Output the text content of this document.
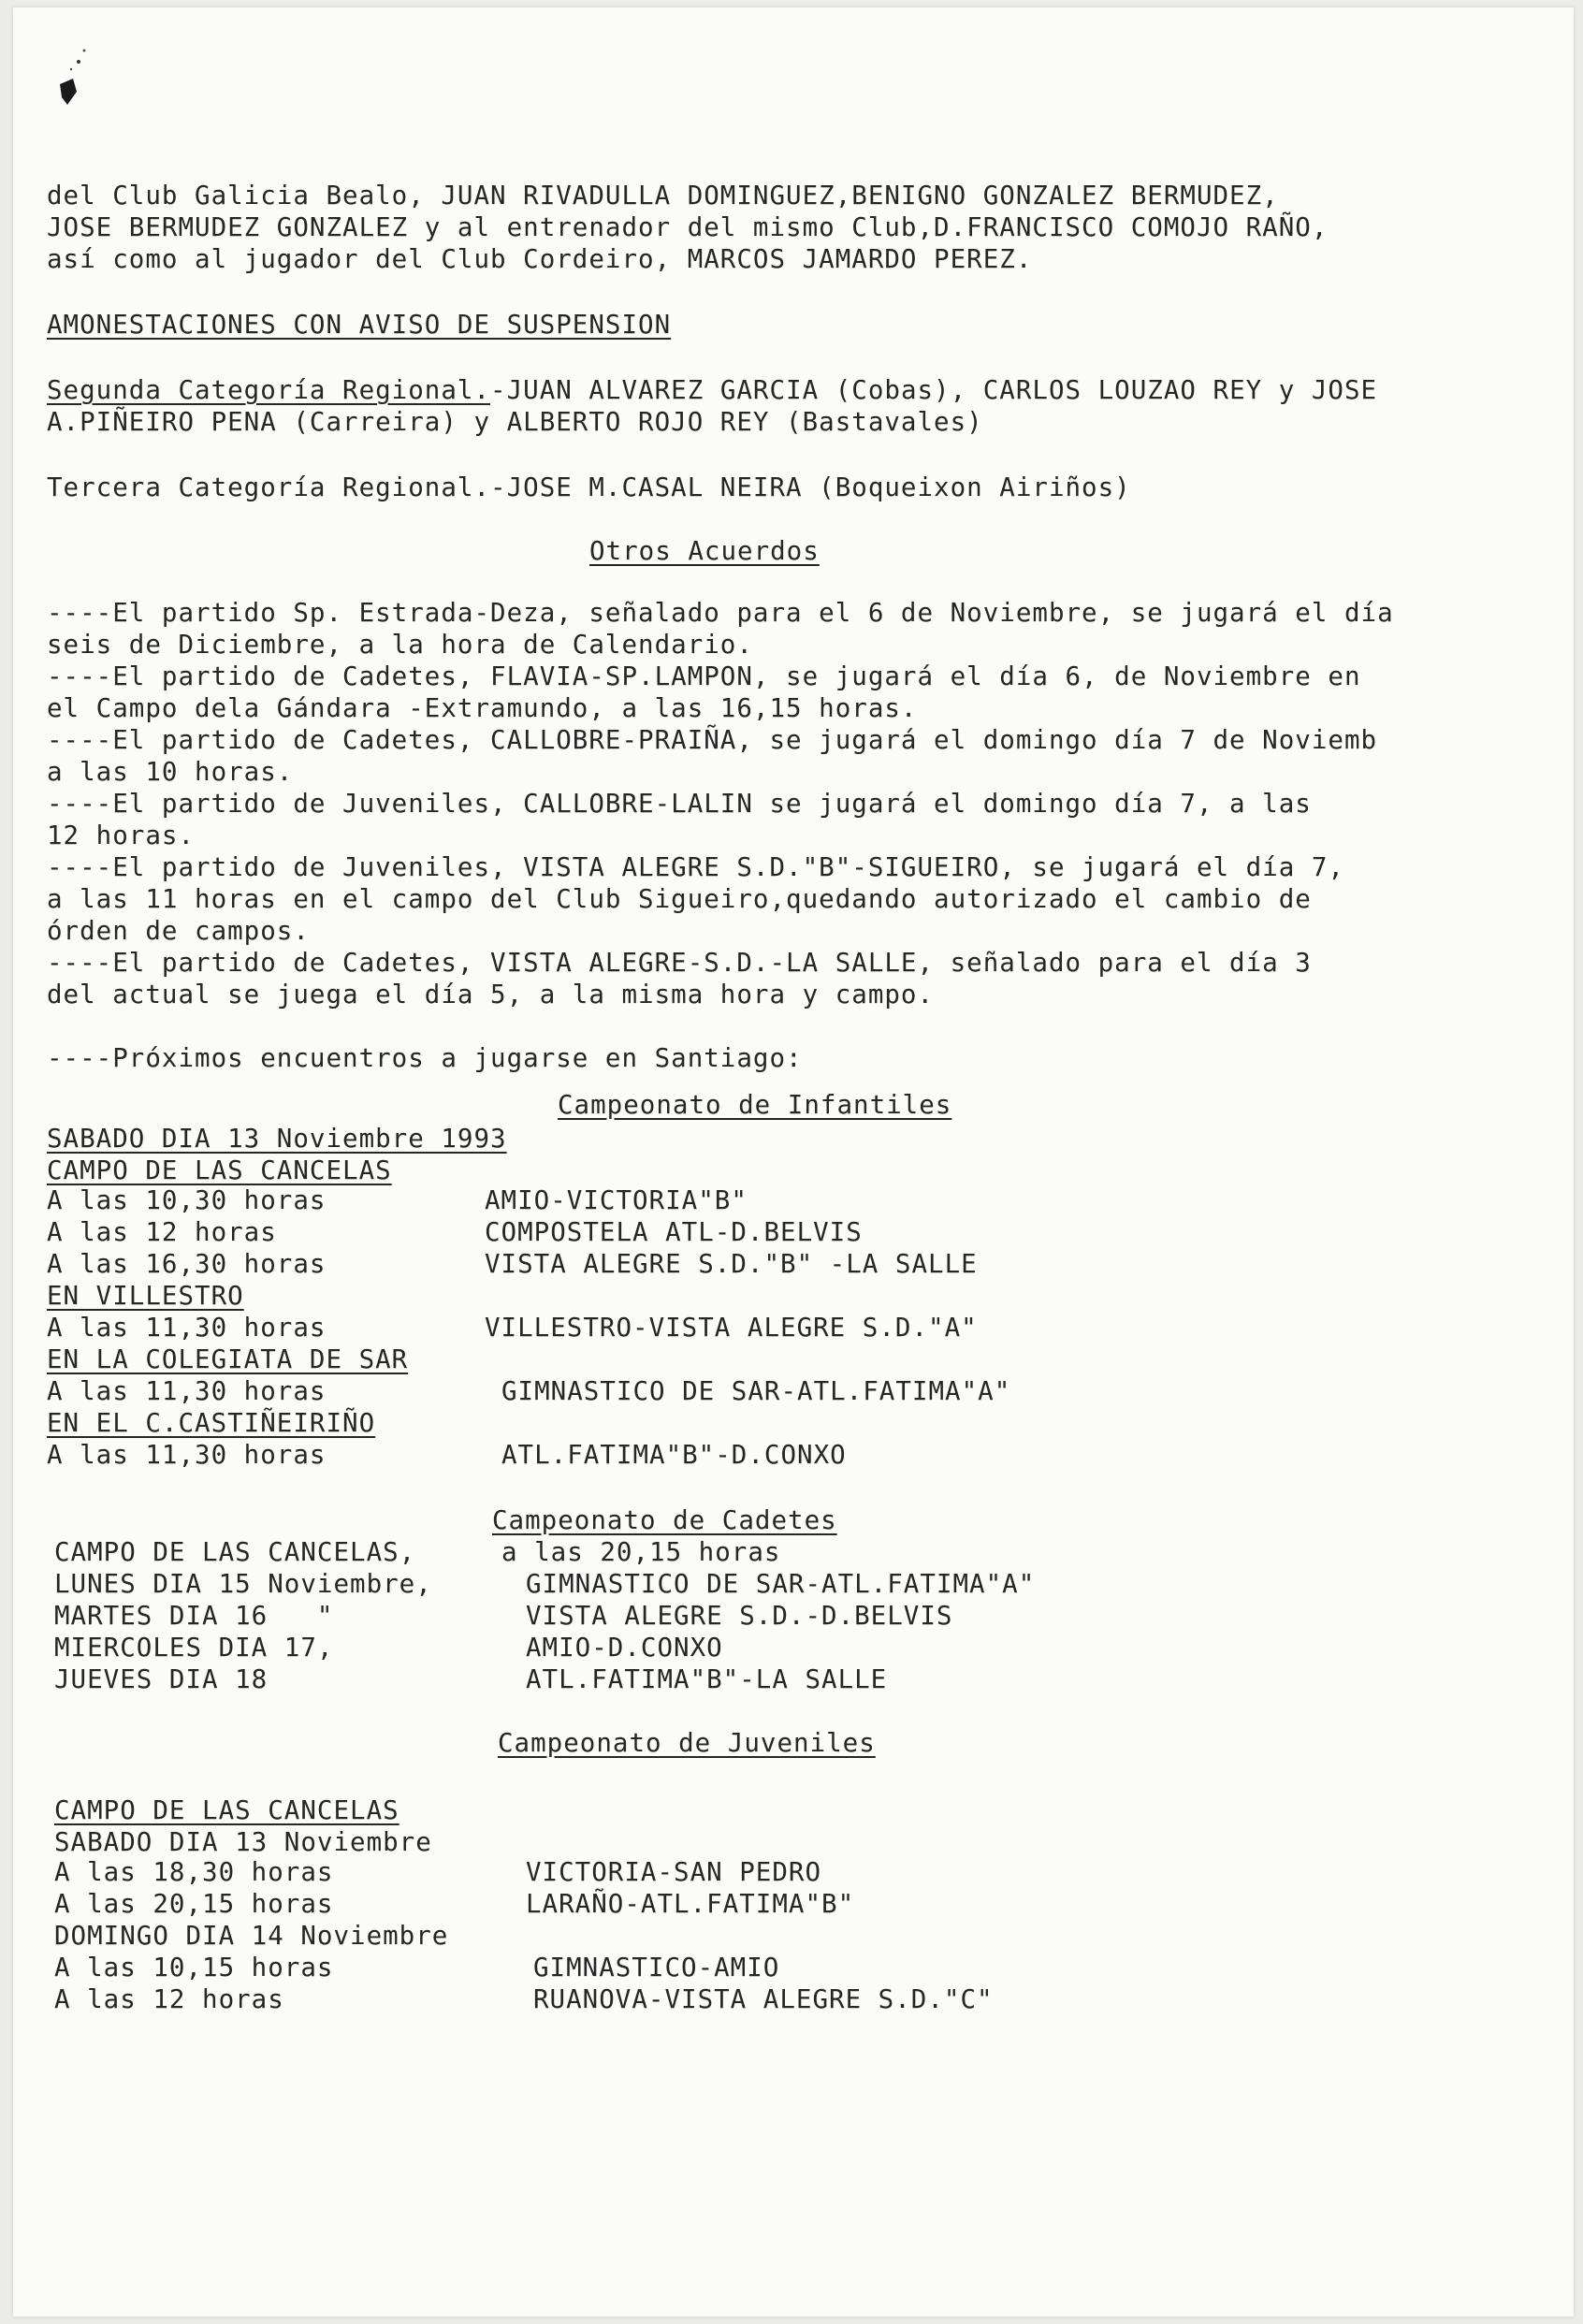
del Club Galicia Bealo, JUAN RIVADULLA DOMINGUEZ,BENIGNO GONZALEZ BERMUDEZ,
JOSE BERMUDEZ GONZALEZ y al entrenador del mismo Club,D.FRANCISCO COMOJO RAÑO,
así como al jugador del Club Cordeiro, MARCOS JAMARDO PEREZ.
AMONESTACIONES CON AVISO DE SUSPENSION
Segunda Categoría Regional.-JUAN ALVAREZ GARCIA (Cobas), CARLOS LOUZAO REY y JOSE
A.PIÑEIRO PENA (Carreira) y ALBERTO ROJO REY (Bastavales)
Tercera Categoría Regional.-JOSE M.CASAL NEIRA (Boqueixon Airiños)
Otros Acuerdos
----El partido Sp. Estrada-Deza, señalado para el 6 de Noviembre, se jugará el día
seis de Diciembre, a la hora de Calendario.
----El partido de Cadetes, FLAVIA-SP.LAMPON, se jugará el día 6, de Noviembre en
el Campo dela Gándara -Extramundo, a las 16,15 horas.
----El partido de Cadetes, CALLOBRE-PRAIÑA, se jugará el domingo día 7 de Noviemb
a las 10 horas.
----El partido de Juveniles, CALLOBRE-LALIN se jugará el domingo día 7, a las
12 horas.
----El partido de Juveniles, VISTA ALEGRE S.D."B"-SIGUEIRO, se jugará el día 7,
a las 11 horas en el campo del Club Sigueiro,quedando autorizado el cambio de
órden de campos.
----El partido de Cadetes, VISTA ALEGRE-S.D.-LA SALLE, señalado para el día 3
del actual se juega el día 5, a la misma hora y campo.
----Próximos encuentros a jugarse en Santiago:
Campeonato de Infantiles
SABADO DIA 13 Noviembre 1993
CAMPO DE LAS CANCELAS
A las 10,30 horas	AMIO-VICTORIA"B"
A las 12 horas	COMPOSTELA ATL-D.BELVIS
A las 16,30 horas	VISTA ALEGRE S.D."B" -LA SALLE
EN VILLESTRO
A las 11,30 horas	VILLESTRO-VISTA ALEGRE S.D."A"
EN LA COLEGIATA DE SAR
A las 11,30 horas	GIMNASTICO DE SAR-ATL.FATIMA"A"
EN EL C.CASTIÑEIRIÑO
A las 11,30 horas	ATL.FATIMA"B"-D.CONXO
Campeonato de Cadetes
CAMPO DE LAS CANCELAS,	a las 20,15 horas
LUNES DIA 15 Noviembre,	GIMNASTICO DE SAR-ATL.FATIMA"A"
MARTES DIA 16   "	VISTA ALEGRE S.D.-D.BELVIS
MIERCOLES DIA 17,	AMIO-D.CONXO
JUEVES DIA 18	ATL.FATIMA"B"-LA SALLE
Campeonato de Juveniles
CAMPO DE LAS CANCELAS
SABADO DIA 13 Noviembre
A las 18,30 horas	VICTORIA-SAN PEDRO
A las 20,15 horas	LARAÑO-ATL.FATIMA"B"
DOMINGO DIA 14 Noviembre
A las 10,15 horas	GIMNASTICO-AMIO
A las 12 horas	RUANOVA-VISTA ALEGRE S.D."C"
